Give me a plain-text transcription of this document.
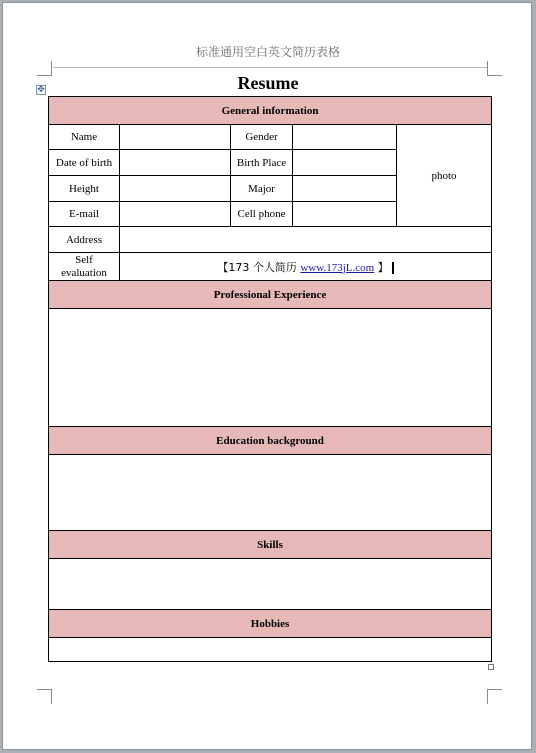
标准通用空白英文简历表格
Resume
✥
General information				
Name		Gender		photo
Date of birth		Birth Place		
Height		Major		
E-mail		Cell phone		
Address				

Self
evaluation	【173 个人简历 www.173jL.com 】			
Professional Experience				

Education background				

Skills				

Hobbies				
